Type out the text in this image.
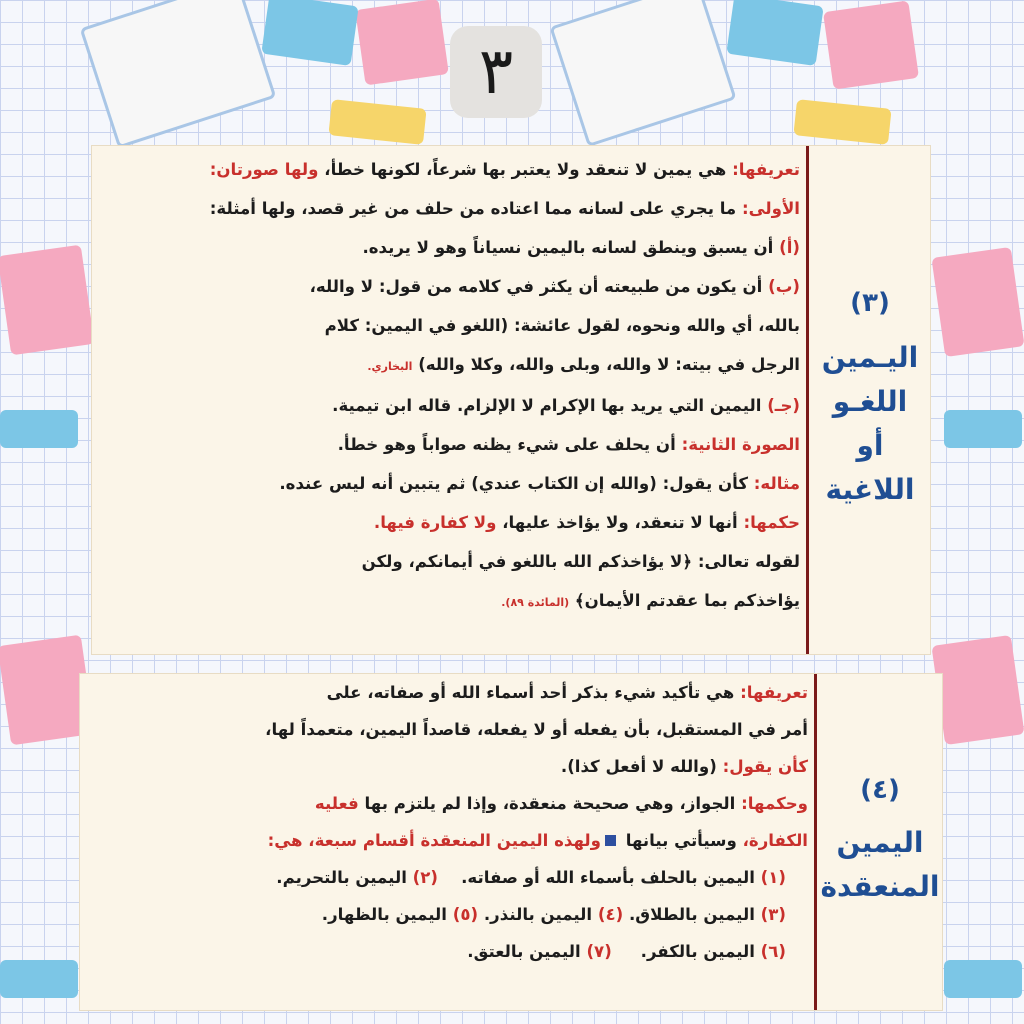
٣
(٣)
اليـمين
اللغـو
أو
اللاغية
تعريفها: هي يمين لا تنعقد ولا يعتبر بها شرعاً، لكونها خطأ، ولها صورتان:
الأولى: ما يجري على لسانه مما اعتاده من حلف من غير قصد، ولها أمثلة:
(أ) أن يسبق وينطق لسانه باليمين نسياناً وهو لا يريده.
(ب) أن يكون من طبيعته أن يكثر في كلامه من قول: لا والله،
بالله، أي والله ونحوه، لقول عائشة: (اللغو في اليمين: كلام
الرجل في بيته: لا والله، وبلى والله، وكلا والله) البخاري.
(جـ) اليمين التي يريد بها الإكرام لا الإلزام. قاله ابن تيمية.
الصورة الثانية: أن يحلف على شيء يظنه صواباً وهو خطأ.
مثاله: كأن يقول: (والله إن الكتاب عندي) ثم يتبين أنه ليس عنده.
حكمها: أنها لا تنعقد، ولا يؤاخذ عليها، ولا كفارة فيها.
لقوله تعالى: ﴿لا يؤاخذكم الله باللغو في أيمانكم، ولكن
يؤاخذكم بما عقدتم الأيمان﴾ (المائدة ٨٩).
(٤)
اليمين
المنعقدة
تعريفها: هي تأكيد شيء بذكر أحد أسماء الله أو صفاته، على
أمر في المستقبل، بأن يفعله أو لا يفعله، قاصداً اليمين، متعمداً لها،
كأن يقول: (والله لا أفعل كذا).
وحكمها: الجواز، وهي صحيحة منعقدة، وإذا لم يلتزم بها فعليه
الكفارة، وسيأتي بيانها ولهذه اليمين المنعقدة أقسام سبعة، هي:
(١) اليمين بالحلف بأسماء الله أو صفاته.    (٢) اليمين بالتحريم.
(٣) اليمين بالطلاق. (٤) اليمين بالنذر. (٥) اليمين بالظهار.
(٦) اليمين بالكفر.     (٧) اليمين بالعتق.
